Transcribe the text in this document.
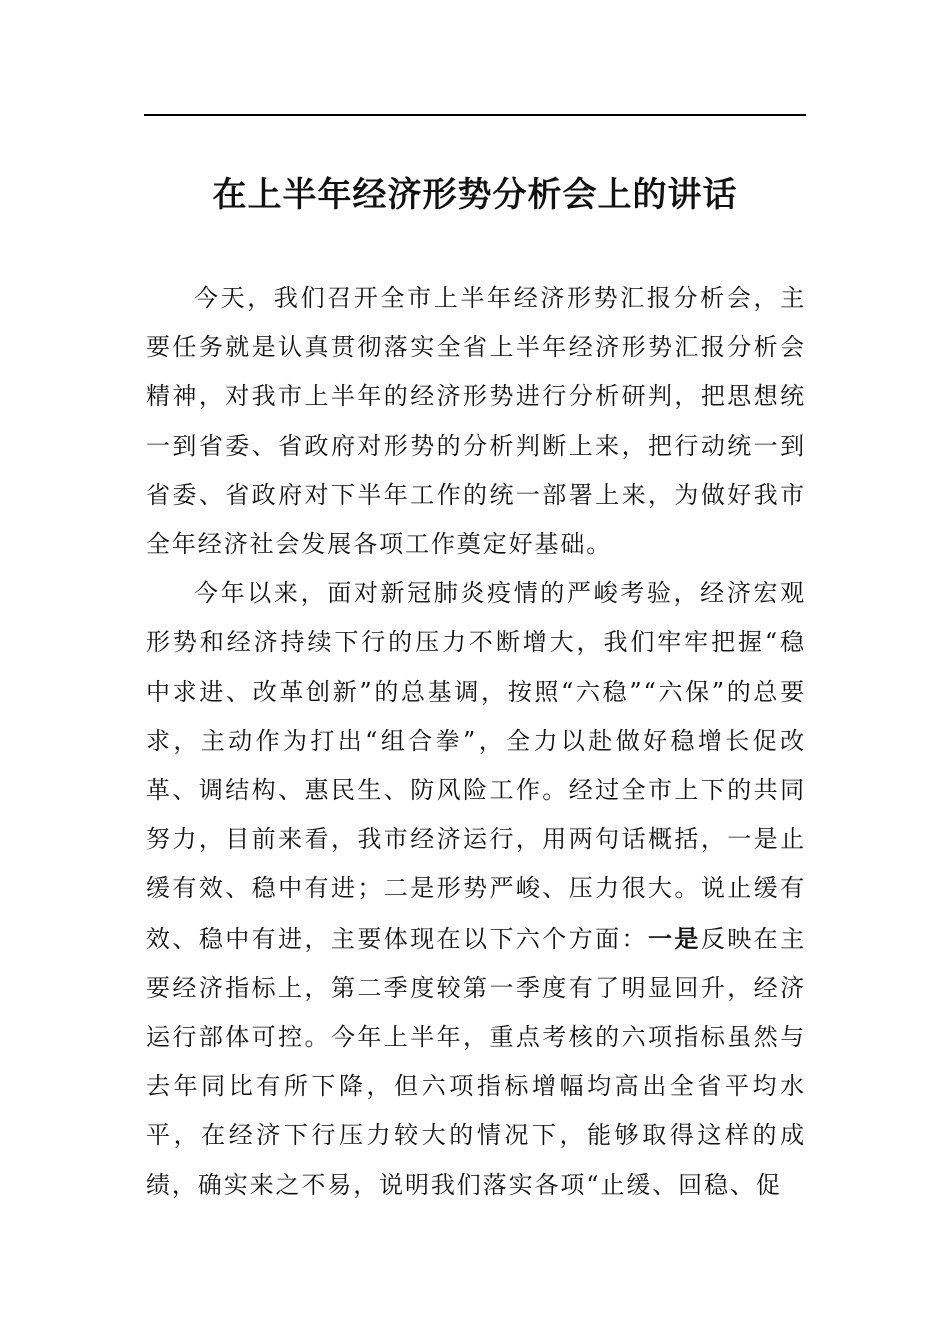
在上半年经济形势分析会上的讲话

今天，我们召开全市上半年经济形势汇报分析会，主要任务就是认真贯彻落实全省上半年经济形势汇报分析会精神，对我市上半年的经济形势进行分析研判，把思想统一到省委、省政府对形势的分析判断上来，把行动统一到省委、省政府对下半年工作的统一部署上来，为做好我市全年经济社会发展各项工作奠定好基础。

今年以来，面对新冠肺炎疫情的严峻考验，经济宏观形势和经济持续下行的压力不断增大，我们牢牢把握“稳中求进、改革创新”的总基调，按照“六稳”“六保”的总要求，主动作为打出“组合拳”，全力以赴做好稳增长促改革、调结构、惠民生、防风险工作。经过全市上下的共同努力，目前来看，我市经济运行，用两句话概括，一是止缓有效、稳中有进；二是形势严峻、压力很大。说止缓有效、稳中有进，主要体现在以下六个方面：一是反映在主要经济指标上，第二季度较第一季度有了明显回升，经济运行部体可控。今年上半年，重点考核的六项指标虽然与去年同比有所下降，但六项指标增幅均高出全省平均水平，在经济下行压力较大的情况下，能够取得这样的成绩，确实来之不易，说明我们落实各项“止缓、回稳、促
